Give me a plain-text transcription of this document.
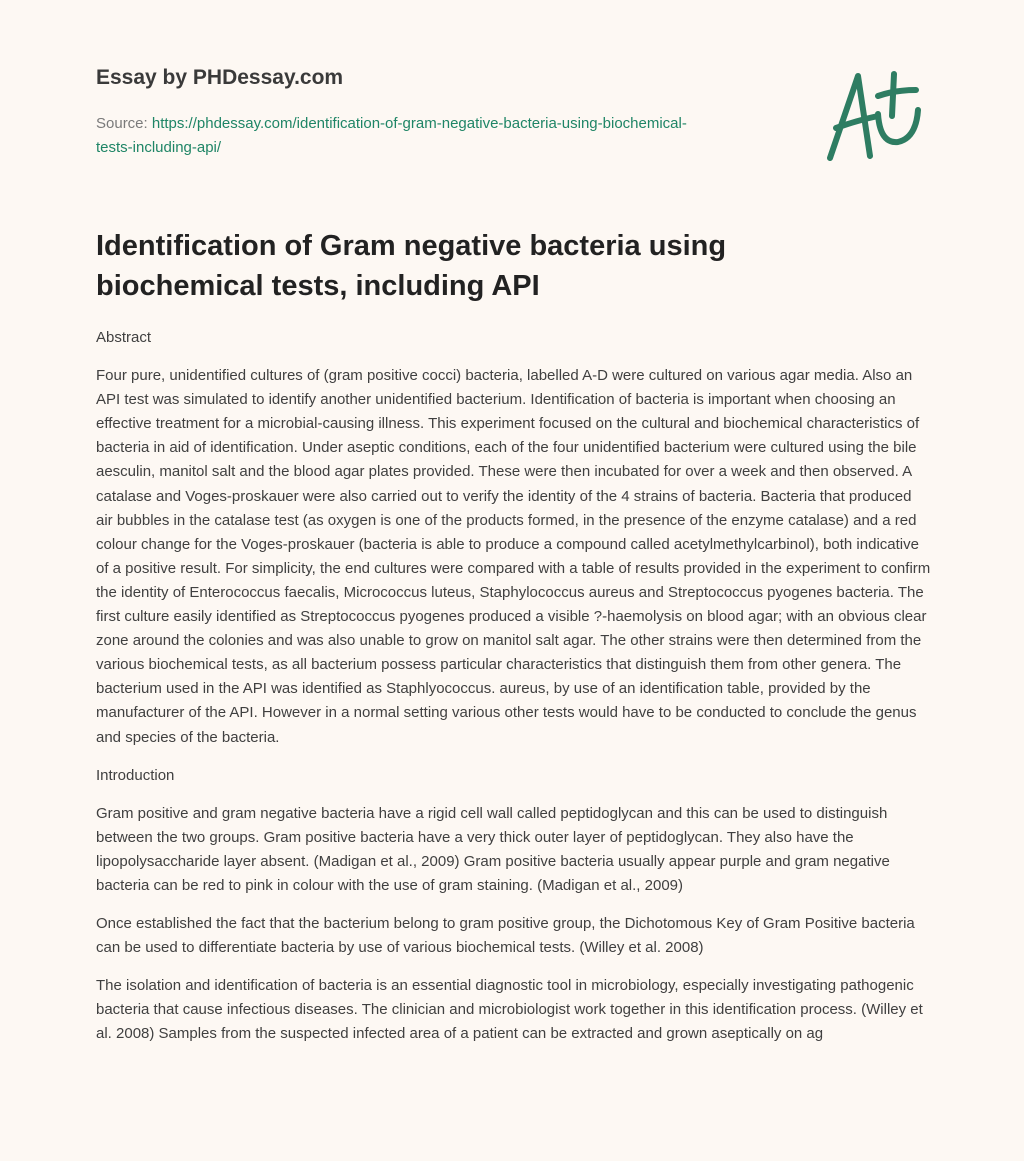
Essay by PHDessay.com
Source: https://phdessay.com/identification-of-gram-negative-bacteria-using-biochemical-tests-including-api/
Identification of Gram negative bacteria using biochemical tests, including API

Abstract

Four pure, unidentified cultures of (gram positive cocci) bacteria, labelled A-D were cultured on various agar media. Also an API test was simulated to identify another unidentified bacterium. Identification of bacteria is important when choosing an effective treatment for a microbial-causing illness. This experiment focused on the cultural and biochemical characteristics of bacteria in aid of identification. Under aseptic conditions, each of the four unidentified bacterium were cultured using the bile aesculin, manitol salt and the blood agar plates provided. These were then incubated for over a week and then observed. A catalase and Voges-proskauer were also carried out to verify the identity of the 4 strains of bacteria. Bacteria that produced air bubbles in the catalase test (as oxygen is one of the products formed, in the presence of the enzyme catalase) and a red colour change for the Voges-proskauer (bacteria is able to produce a compound called acetylmethylcarbinol), both indicative of a positive result. For simplicity, the end cultures were compared with a table of results provided in the experiment to confirm the identity of Enterococcus faecalis, Micrococcus luteus, Staphylococcus aureus and Streptococcus pyogenes bacteria. The first culture easily identified as Streptococcus pyogenes produced a visible ?-haemolysis on blood agar; with an obvious clear zone around the colonies and was also unable to grow on manitol salt agar. The other strains were then determined from the various biochemical tests, as all bacterium possess particular characteristics that distinguish them from other genera. The bacterium used in the API was identified as Staphlyococcus. aureus, by use of an identification table, provided by the manufacturer of the API. However in a normal setting various other tests would have to be conducted to conclude the genus and species of the bacteria.

Introduction

Gram positive and gram negative bacteria have a rigid cell wall called peptidoglycan and this can be used to distinguish between the two groups. Gram positive bacteria have a very thick outer layer of peptidoglycan. They also have the lipopolysaccharide layer absent. (Madigan et al., 2009) Gram positive bacteria usually appear purple and gram negative bacteria can be red to pink in colour with the use of gram staining. (Madigan et al., 2009)

Once established the fact that the bacterium belong to gram positive group, the Dichotomous Key of Gram Positive bacteria can be used to differentiate bacteria by use of various biochemical tests. (Willey et al. 2008)

The isolation and identification of bacteria is an essential diagnostic tool in microbiology, especially investigating pathogenic bacteria that cause infectious diseases. The clinician and microbiologist work together in this identification process. (Willey et al. 2008) Samples from the suspected infected area of a patient can be extracted and grown aseptically on ag
